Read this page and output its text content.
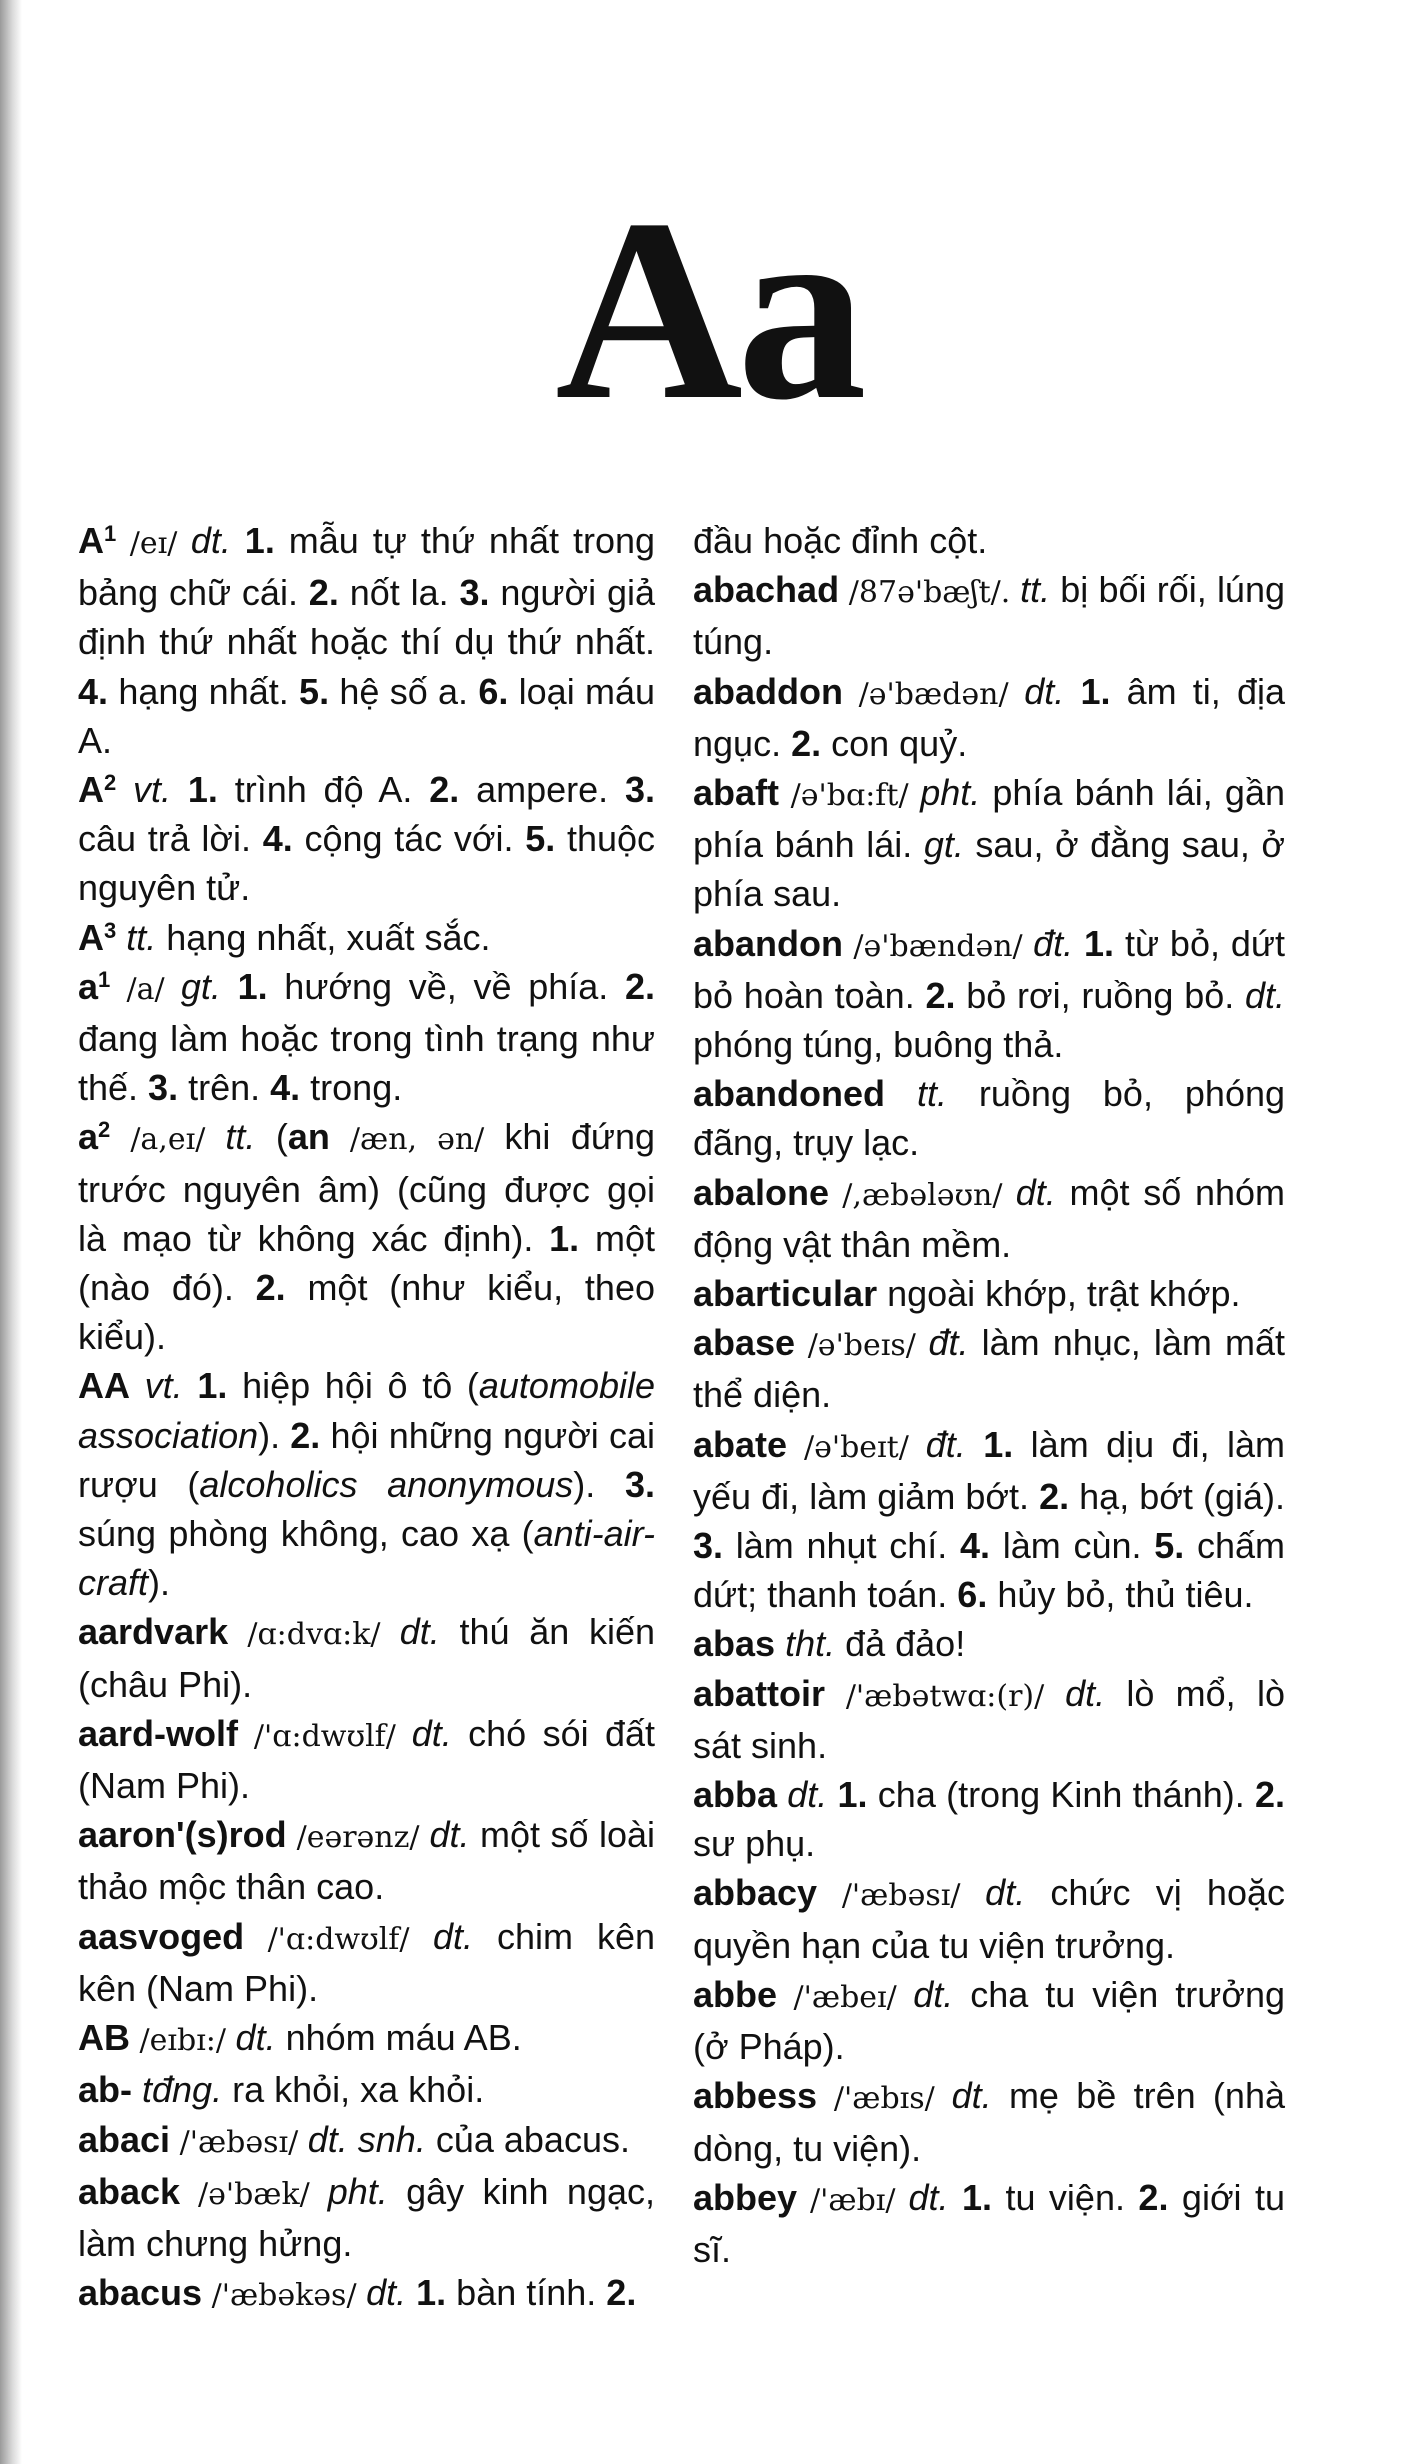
Aa

$A^1$ /eɪ/ dt. 1. mẫu tự thứ nhất trong bảng chữ cái. 2. nốt la. 3. người giả định thứ nhất hoặc thí dụ thứ nhất. 4. hạng nhất. 5. hệ số a. 6. loại máu A.

$A^2$ vt. 1. trình độ A. 2. ampere. 3. câu trả lời. 4. cộng tác với. 5. thuộc nguyên tử.

$A^3$ tt. hạng nhất, xuất sắc.

$a^1$ /a/ gt. 1. hướng về, về phía. 2. đang làm hoặc trong tình trạng như thế. 3. trên. 4. trong.

$a^2$ /a,eɪ/ tt. (an /æn, ən/ khi đứng trước nguyên âm) (cũng được gọi là mạo từ không xác định). 1. một (nào đó). 2. một (như kiểu, theo kiểu).

AA vt. 1. hiệp hội ô tô (automobile association). 2. hội những người cai rượu (alcoholics anonymous). 3. súng phòng không, cao xạ (anti-air-craft).

aardvark /ɑ:dvɑ:k/ dt. thú ăn kiến (châu Phi).

aard-wolf /'ɑ:dwʊlf/ dt. chó sói đất (Nam Phi).

aaron'(s)rod /eərənz/ dt. một số loài thảo mộc thân cao.

aasvoged /'ɑ:dwʊlf/ dt. chim kên kên (Nam Phi).

AB /eɪbɪ:/ dt. nhóm máu AB.

ab- tđng. ra khỏi, xa khỏi.

abaci /'æbəsɪ/ dt. snh. của abacus.

aback /ə'bæk/ pht. gây kinh ngạc, làm chưng hửng.

abacus /'æbəkəs/ dt. 1. bàn tính. 2.

đầu hoặc đỉnh cột.

abachad /87ə'bæʃt/. tt. bị bối rối, lúng túng.

abaddon /ə'bædən/ dt. 1. âm ti, địa ngục. 2. con quỷ.

abaft /ə'bɑ:ft/ pht. phía bánh lái, gần phía bánh lái. gt. sau, ở đằng sau, ở phía sau.

abandon /ə'bændən/ đt. 1. từ bỏ, dứt bỏ hoàn toàn. 2. bỏ rơi, ruồng bỏ. dt. phóng túng, buông thả.

abandoned tt. ruồng bỏ, phóng đãng, trụy lạc.

abalone /,æbələʊn/ dt. một số nhóm động vật thân mềm.

abarticular ngoài khớp, trật khớp.

abase /ə'beɪs/ đt. làm nhục, làm mất thể diện.

abate /ə'beɪt/ đt. 1. làm dịu đi, làm yếu đi, làm giảm bớt. 2. hạ, bớt (giá). 3. làm nhụt chí. 4. làm cùn. 5. chấm dứt; thanh toán. 6. hủy bỏ, thủ tiêu.

abas tht. đả đảo!

abattoir /'æbətwɑ:(r)/ dt. lò mổ, lò sát sinh.

abba dt. 1. cha (trong Kinh thánh). 2. sư phụ.

abbacy /'æbəsɪ/ dt. chức vị hoặc quyền hạn của tu viện trưởng.

abbe /'æbeɪ/ dt. cha tu viện trưởng (ở Pháp).

abbess /'æbɪs/ dt. mẹ bề trên (nhà dòng, tu viện).

abbey /'æbɪ/ dt. 1. tu viện. 2. giới tu sĩ.
